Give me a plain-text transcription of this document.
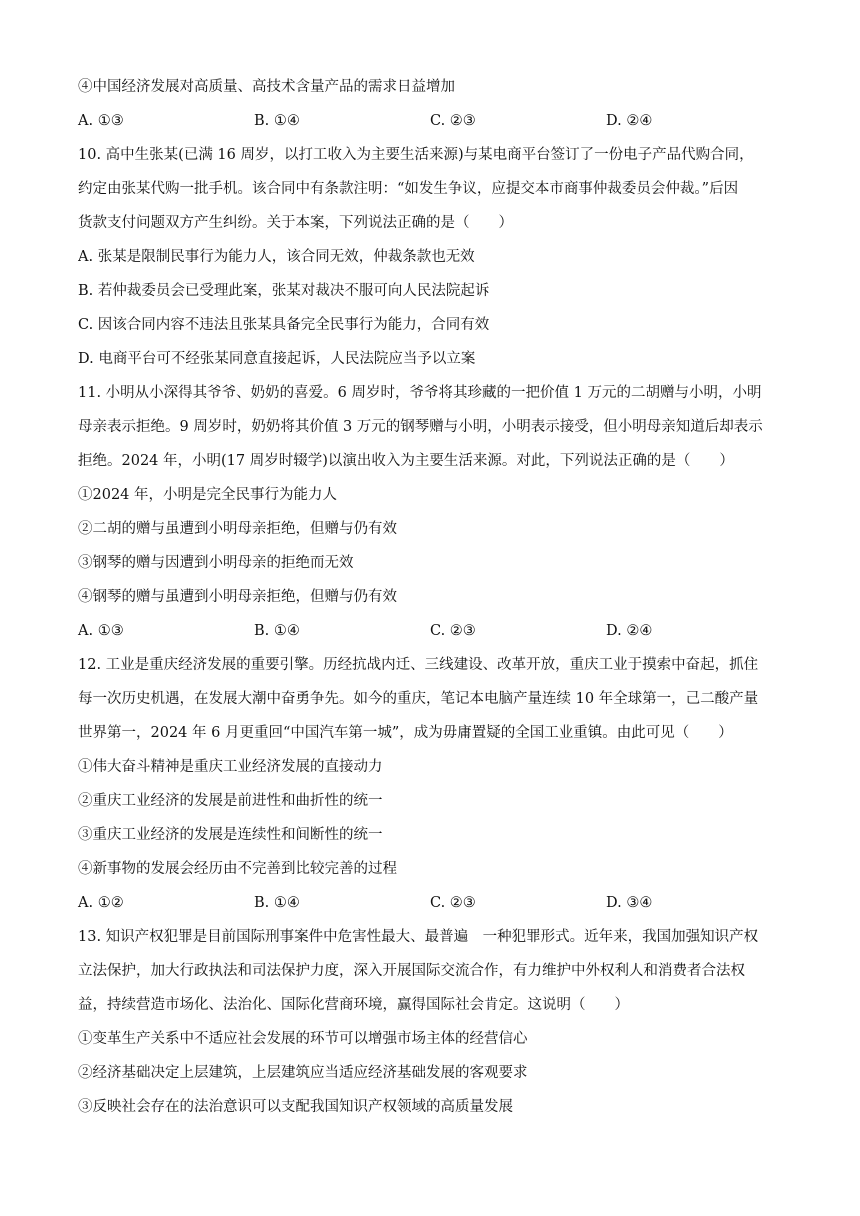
④中国经济发展对高质量、高技术含量产品的需求日益增加
A. ①③	B. ①④	C. ②③	D. ②④
10. 高中生张某(已满 16 周岁，以打工收入为主要生活来源)与某电商平台签订了一份电子产品代购合同，
约定由张某代购一批手机。该合同中有条款注明：“如发生争议，应提交本市商事仲裁委员会仲裁。”后因
货款支付问题双方产生纠纷。关于本案，下列说法正确的是（　　）
A. 张某是限制民事行为能力人，该合同无效，仲裁条款也无效
B. 若仲裁委员会已受理此案，张某对裁决不服可向人民法院起诉
C. 因该合同内容不违法且张某具备完全民事行为能力，合同有效
D. 电商平台可不经张某同意直接起诉，人民法院应当予以立案
11. 小明从小深得其爷爷、奶奶的喜爱。6 周岁时，爷爷将其珍藏的一把价值 1 万元的二胡赠与小明，小明
母亲表示拒绝。9 周岁时，奶奶将其价值 3 万元的钢琴赠与小明，小明表示接受，但小明母亲知道后却表示
拒绝。2024 年，小明(17 周岁时辍学)以演出收入为主要生活来源。对此，下列说法正确的是（　　）
①2024 年，小明是完全民事行为能力人
②二胡的赠与虽遭到小明母亲拒绝，但赠与仍有效
③钢琴的赠与因遭到小明母亲的拒绝而无效
④钢琴的赠与虽遭到小明母亲拒绝，但赠与仍有效
A. ①③	B. ①④	C. ②③	D. ②④
12. 工业是重庆经济发展的重要引擎。历经抗战内迁、三线建设、改革开放，重庆工业于摸索中奋起，抓住
每一次历史机遇，在发展大潮中奋勇争先。如今的重庆，笔记本电脑产量连续 10 年全球第一，己二酸产量
世界第一，2024 年 6 月更重回“中国汽车第一城”，成为毋庸置疑的全国工业重镇。由此可见（　　）
①伟大奋斗精神是重庆工业经济发展的直接动力
②重庆工业经济的发展是前进性和曲折性的统一
③重庆工业经济的发展是连续性和间断性的统一
④新事物的发展会经历由不完善到比较完善的过程
A. ①②	B. ①④	C. ②③	D. ③④
13. 知识产权犯罪是目前国际刑事案件中危害性最大、最普遍　一种犯罪形式。近年来，我国加强知识产权
立法保护，加大行政执法和司法保护力度，深入开展国际交流合作，有力维护中外权利人和消费者合法权
益，持续营造市场化、法治化、国际化营商环境，赢得国际社会肯定。这说明（　　）
①变革生产关系中不适应社会发展的环节可以增强市场主体的经营信心
②经济基础决定上层建筑，上层建筑应当适应经济基础发展的客观要求
③反映社会存在的法治意识可以支配我国知识产权领域的高质量发展
